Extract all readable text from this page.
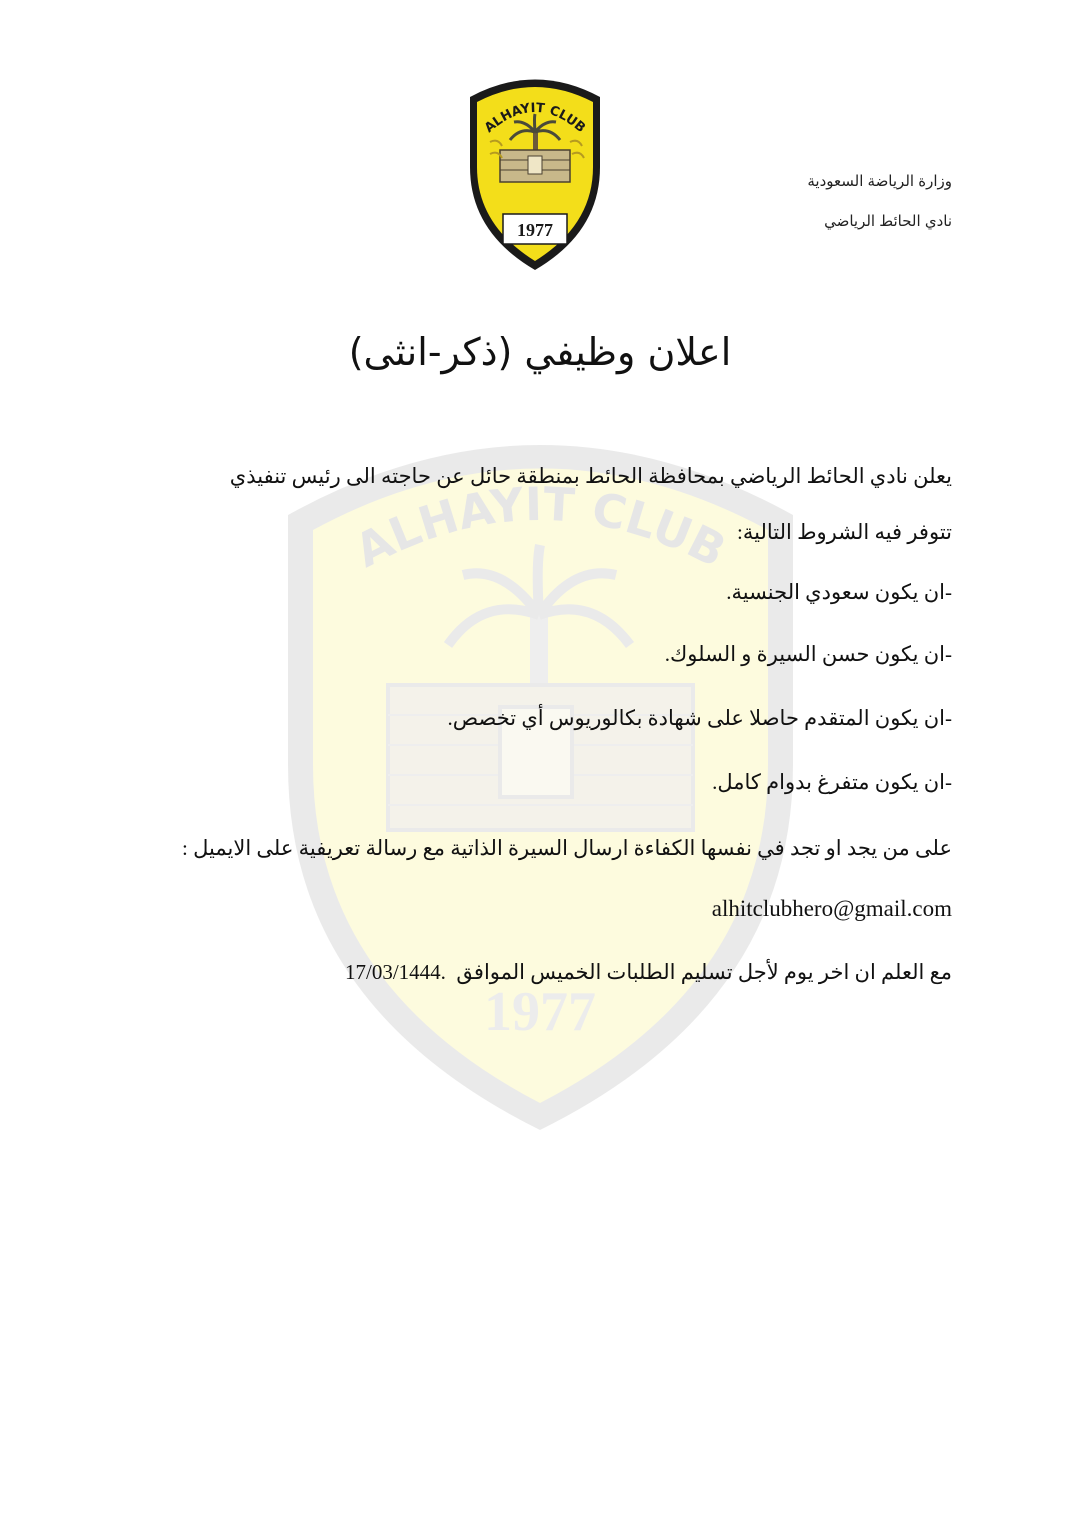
ALHAYIT CLUB
1977
ALHAYIT CLUB
1977
وزارة الرياضة السعودية
نادي الحائط الرياضي
اعلان وظيفي (ذكر-انثى)

يعلن نادي الحائط الرياضي بمحافظة الحائط بمنطقة حائل عن حاجته الى رئيس تنفيذي

تتوفر فيه الشروط التالية:

-ان يكون سعودي الجنسية.

-ان يكون حسن السيرة و السلوك.

-ان يكون المتقدم حاصلا على شهادة بكالوريوس أي تخصص.

-ان يكون متفرغ بدوام كامل.

على من يجد او تجد في نفسها الكفاءة ارسال السيرة الذاتية مع رسالة تعريفية على الايميل :

alhitclubhero@gmail.com

مع العلم ان اخر يوم لأجل تسليم الطلبات الخميس الموافق  17/03/1444.
